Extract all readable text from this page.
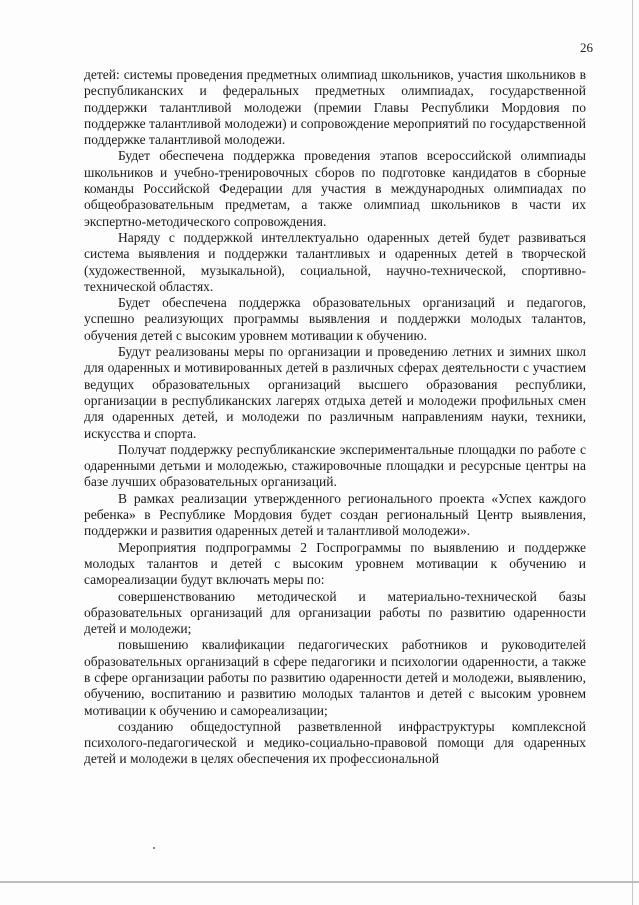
26

детей: системы проведения предметных олимпиад школьников, участия школьников в республиканских и федеральных предметных олимпиадах, государственной поддержки талантливой молодежи (премии Главы Республики Мордовия по поддержке талантливой молодежи) и сопровождение мероприятий по государственной поддержке талантливой молодежи.

Будет обеспечена поддержка проведения этапов всероссийской олимпиады школьников и учебно-тренировочных сборов по подготовке кандидатов в сборные команды Российской Федерации для участия в международных олимпиадах по общеобразовательным предметам, а также олимпиад школьников в части их экспертно-методического сопровождения.

Наряду с поддержкой интеллектуально одаренных детей будет развиваться система выявления и поддержки талантливых и одаренных детей в творческой (художественной, музыкальной), социальной, научно-технической, спортивно-технической областях.

Будет обеспечена поддержка образовательных организаций и педагогов, успешно реализующих программы выявления и поддержки молодых талантов, обучения детей с высоким уровнем мотивации к обучению.

Будут реализованы меры по организации и проведению летних и зимних школ для одаренных и мотивированных детей в различных сферах деятельности с участием ведущих образовательных организаций высшего образования республики, организации в республиканских лагерях отдыха детей и молодежи профильных смен для одаренных детей, и молодежи по различным направлениям науки, техники, искусства и спорта.

Получат поддержку республиканские экспериментальные площадки по работе с одаренными детьми и молодежью, стажировочные площадки и ресурсные центры на базе лучших образовательных организаций.

В рамках реализации утвержденного регионального проекта «Успех каждого ребенка» в Республике Мордовия будет создан региональный Центр выявления, поддержки и развития одаренных детей и талантливой молодежи».

Мероприятия подпрограммы 2 Госпрограммы по выявлению и поддержке молодых талантов и детей с высоким уровнем мотивации к обучению и самореализации будут включать меры по:

совершенствованию методической и материально-технической базы образовательных организаций для организации работы по развитию одаренности детей и молодежи;

повышению квалификации педагогических работников и руководителей образовательных организаций в сфере педагогики и психологии одаренности, а также в сфере организации работы по развитию одаренности детей и молодежи, выявлению, обучению, воспитанию и развитию молодых талантов и детей с высоким уровнем мотивации к обучению и самореализации;

созданию общедоступной разветвленной инфраструктуры комплексной психолого-педагогической и медико-социально-правовой помощи для одаренных детей и молодежи в целях обеспечения их профессиональной
